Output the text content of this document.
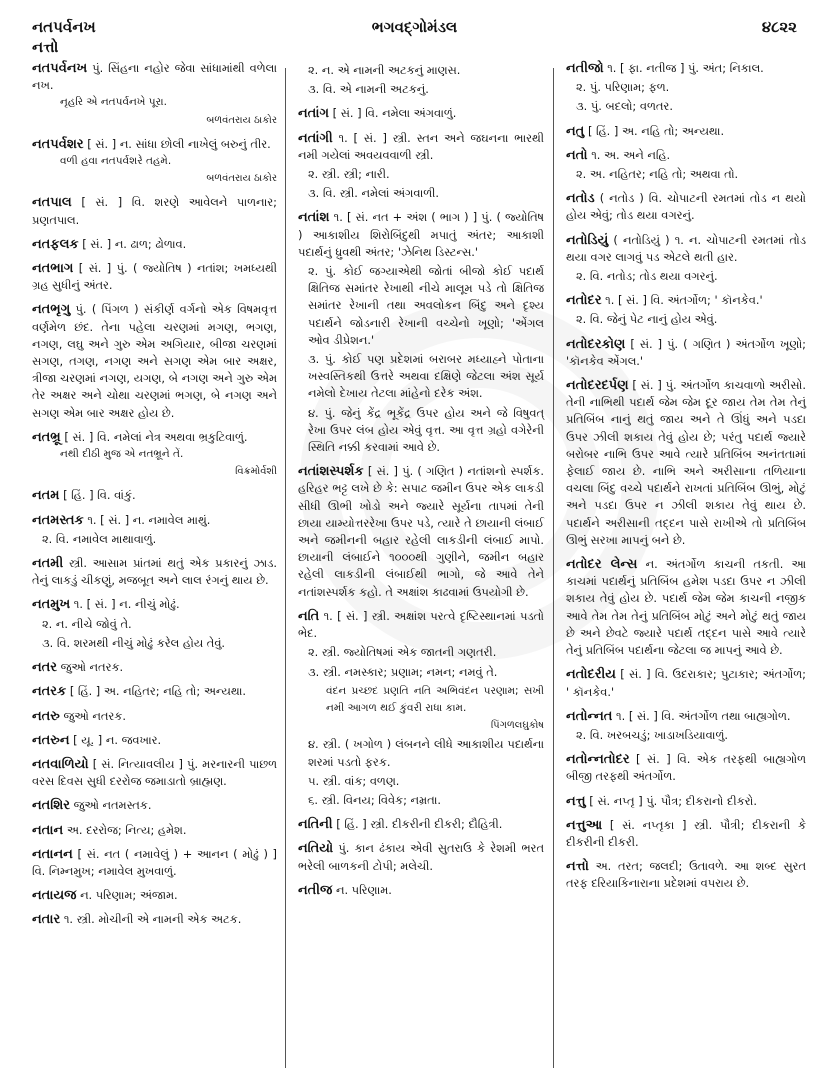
નતપર્વનખ
નત્તો
ભગવદ્ગોમંડલ	૪૮૨૨
નતપર્વનખ પું. સિંહના નહોર જેવા સાંધામાંથી વળેલા નખ.
નૃહરિ એ નતપર્વનખે પૂરા.
બળવંતરાય ઠાકોર
નતપર્વશર [ સં. ] ન. સાંધા છોલી નાખેલું બરુનું તીર.
વળી હવા નતપર્વશરે તહમે.
બળવંતરાય ઠાકોર
નતપાલ [ સં. ] વિ. શરણે આવેલને પાળનાર; પ્રણતપાલ.
નતફલક [ સં. ] ન. ઢાળ; ઢોળાવ.
નતભાગ [ સં. ] પું. ( જ્યોતિષ ) નતાંશ; ખમધ્યથી ગ્રહ સુધીનું અંતર.
નતભૃગુ પું. ( પિંગળ ) સંકીર્ણ વર્ગનો એક વિષમવૃત્ત વર્ણમેળ છંદ. તેના પહેલા ચરણમાં મગણ, ભગણ, નગણ, લઘુ અને ગુરુ એમ અગિયાર, બીજા ચરણમાં સગણ, તગણ, નગણ અને સગણ એમ બાર અક્ષર, ત્રીજા ચરણમાં નગણ, યગણ, બે નગણ અને ગુરુ એમ તેર અક્ષર અને ચોથા ચરણમાં ભગણ, બે નગણ અને સગણ એમ બાર અક્ષર હોય છે.
નતભ્રૂ [ સં. ] વિ. નમેલાં નેત્ર અથવા ભ્રકુટિવાળું.
નથી દીઠી મુજ એ નતભ્રૂને તેં.
વિક્રમોર્વશી
નતમ [ હિં. ] વિ. વાંકું.
નતમસ્તક ૧. [ સં. ] ન. નમાવેલ માથું.
૨. વિ. નમાવેલ માથાવાળું.
નતમી સ્ત્રી. આસામ પ્રાંતમાં થતું એક પ્રકારનું ઝાડ. તેનું લાકડું ચીકણું, મજબૂત અને લાલ રંગનું થાય છે.
નતમુખ ૧. [ સં. ] ન. નીચું મોઢું.
૨. ન. નીચે જોવું તે.
૩. વિ. શરમથી નીચું મોઢું કરેલ હોય તેવું.
નતર જુઓ નતરક.
નતરક [ હિં. ] અ. નહિતર; નહિ તો; અન્યથા.
નતરુ જુઓ નતરક.
નતરુન [ યૂ. ] ન. જવખાર.
નતવાળિયો [ સં. નિત્યાવલીય ] પું. મરનારની પાછળ વરસ દિવસ સુધી દરરોજ જમાડાતો બ્રાહ્મણ.
નતશિર જુઓ નતમસ્તક.
નતાન અ. દરરોજ; નિત્ય; હમેશ.
નતાનન [ સં. નત ( નમાવેલું ) + આનન ( મોઢું ) ] વિ. નિમ્નમુખ; નમાવેલ મુખવાળું.
નતાયજ ન. પરિણામ; અંજામ.
નતાર ૧. સ્ત્રી. મોચીની એ નામની એક અટક.
૨. ન. એ નામની અટકનું માણસ.
૩. વિ. એ નામની અટકનું.
નતાંગ [ સં. ] વિ. નમેલા અંગવાળું.
નતાંગી ૧. [ સં. ] સ્ત્રી. સ્તન અને જઘનના ભારથી નમી ગયેલાં અવયવવાળી સ્ત્રી.
૨. સ્ત્રી. સ્ત્રી; નારી.
૩. વિ. સ્ત્રી. નમેલાં અંગવાળી.
નતાંશ ૧. [ સં. નત + અંશ ( ભાગ ) ] પું. ( જ્યોતિષ ) આકાશીય શિરોબિંદુથી મપાતું અંતર; આકાશી પદાર્થનું ધ્રુવથી અંતર; 'ઝેનિથ ડિસ્ટન્સ.'
૨. પું. કોઈ જગ્યાએથી જોતાં બીજો કોઈ પદાર્થ ક્ષિતિજ સમાંતર રેખાથી નીચે માલૂમ પડે તો ક્ષિતિજ સમાંતર રેખાની તથા અવલોકન બિંદુ અને દૃશ્ય પદાર્થને જોડનારી રેખાની વચ્ચેનો ખૂણો; 'એંગલ ઓવ ડીપ્રેશન.'
૩. પું. કોઈ પણ પ્રદેશમાં બરાબર મધ્યાહ્ને પોતાના ખસ્વસ્તિકથી ઉત્તરે અથવા દક્ષિણે જેટલા અંશ સૂર્ય નમેલો દેખાય તેટલા માંહેનો દરેક અંશ.
૪. પું. જેનું કેંદ્ર ભૂકેંદ્ર ઉપર હોય અને જે વિષુવત્ રેખા ઉપર લંબ હોય એવું વૃત્ત. આ વૃત્ત ગ્રહો વગેરેની સ્થિતિ નક્કી કરવામાં આવે છે.
નતાંશસ્પર્શક [ સં. ] પું. ( ગણિત ) નતાંશનો સ્પર્શક. હરિહર ભટ્ટ લખે છે કે: સપાટ જમીન ઉપર એક લાકડી સીધી ઊભી ખોડો અને જ્યારે સૂર્યના તાપમાં તેની છાયા યામ્યોત્તરરેખા ઉપર પડે, ત્યારે તે છાયાની લંબાઈ અને જમીનની બહાર રહેલી લાકડીની લંબાઈ માપો. છાયાની લંબાઈને ૧૦૦૦થી ગુણીને, જમીન બહાર રહેલી લાકડીની લંબાઈથી ભાગો, જે આવે તેને નતાંશસ્પર્શક કહો. તે અક્ષાંશ કાઢવામાં ઉપયોગી છે.
નતિ ૧. [ સં. ] સ્ત્રી. અક્ષાંશ પરત્વે દૃષ્ટિસ્થાનમાં પડતો ભેદ.
૨. સ્ત્રી. જ્યોતિષમાં એક જાતની ગણતરી.
૩. સ્ત્રી. નમસ્કાર; પ્રણામ; નમન; નમવું તે.
વંદન પ્રચ્છદ પ્રણતિ નતિ અભિવંદન પરણામ; સખી નમી આગળ થઈ કુંવરી રાધા કામ.
પિંગળલઘુકોષ
૪. સ્ત્રી. ( ખગોળ ) લંબનને લીધે આકાશીય પદાર્થના શરમાં પડતો ફરક.
૫. સ્ત્રી. વાંક; વળણ.
૬. સ્ત્રી. વિનય; વિવેક; નમ્રતા.
નતિની [ હિં. ] સ્ત્રી. દીકરીની દીકરી; દૌહિત્રી.
નતિયો પું. કાન ઢંકાય એવી સુતરાઉ કે રેશમી ભરત ભરેલી બાળકની ટોપી; મલેચી.
નતીજ ન. પરિણામ.
નતીજો ૧. [ ફા. નતીજ ] પું. અંત; નિકાલ.
૨. પું. પરિણામ; ફળ.
૩. પું. બદલો; વળતર.
નતુ [ હિં. ] અ. નહિ તો; અન્યથા.
નતો ૧. અ. અને નહિ.
૨. અ. નહિતર; નહિ તો; અથવા તો.
નતોડ ( નતોડ ) વિ. ચોપાટની રમતમાં તોડ ન થયો હોય એવું; તોડ થયા વગરનું.
નતોડિયું ( નતોડિયું ) ૧. ન. ચોપાટની રમતમાં તોડ થયા વગર લાગવું પડ એટલે થતી હાર.
૨. વિ. નતોડ; તોડ થયા વગરનું.
નતોદર ૧. [ સં. ] વિ. અંતર્ગોળ; ' કૉનકેવ.'
૨. વિ. જેનું પેટ નાનું હોય એવું.
નતોદરકોણ [ સં. ] પું. ( ગણિત ) અંતર્ગોળ ખૂણો; 'કૉનકેવ એંગલ.'
નતોદરદર્પણ [ સં. ] પું. અંતર્ગોળ કાચવાળો અરીસો. તેની નાભિથી પદાર્થ જેમ જેમ દૂર જાય તેમ તેમ તેનું પ્રતિબિંબ નાનું થતું જાય અને તે ઊંધું અને પડદા ઉપર ઝીલી શકાય તેવું હોય છે; પરંતુ પદાર્થ જ્યારે બરોબર નાભિ ઉપર આવે ત્યારે પ્રતિબિંબ અનંતતામાં ફેલાઈ જાય છે. નાભિ અને અરીસાના તળિયાના વચલા બિંદુ વચ્ચે પદાર્થને રાખતાં પ્રતિબિંબ ઊભું, મોટું અને પડદા ઉપર ન ઝીલી શકાય તેવું થાય છે. પદાર્થને અરીસાની તદ્દન પાસે રાખીએ તો પ્રતિબિંબ ઊભું સરખા માપનું બને છે.
નતોદર લેન્સ ન. અંતર્ગોળ કાચની તકતી. આ કાચમાં પદાર્થનું પ્રતિબિંબ હમેશ પડદા ઉપર ન ઝીલી શકાય તેવું હોય છે. પદાર્થ જેમ જેમ કાચની નજીક આવે તેમ તેમ તેનું પ્રતિબિંબ મોટું અને મોટું થતું જાય છે અને છેવટે જ્યારે પદાર્થ તદ્દન પાસે આવે ત્યારે તેનું પ્રતિબિંબ પદાર્થના જેટલા જ માપનું આવે છે.
નતોદરીય [ સં. ] વિ. ઉદરાકાર; પુટાકાર; અંતર્ગોળ; ' કૉનકેવ.'
નતોન્નત ૧. [ સં. ] વિ. અંતર્ગોળ તથા બાહ્યગોળ.
૨. વિ. ખરબચડું; ખાડાખડિયાવાળું.
નતોન્નતોદર [ સં. ] વિ. એક તરફથી બાહ્યગોળ બીજી તરફથી અંતર્ગોળ.
નત્તુ [ સં. નપ્તૃ ] પું. પૌત્ર; દીકરાનો દીકરો.
નત્તુઆ [ સં. નપ્તૃકા ] સ્ત્રી. પૌત્રી; દીકરાની કે દીકરીની દીકરી.
નત્તો અ. તરત; જલદી; ઉતાવળે. આ શબ્દ સુરત તરફ દરિયાકિનારાના પ્રદેશમાં વપરાય છે.
